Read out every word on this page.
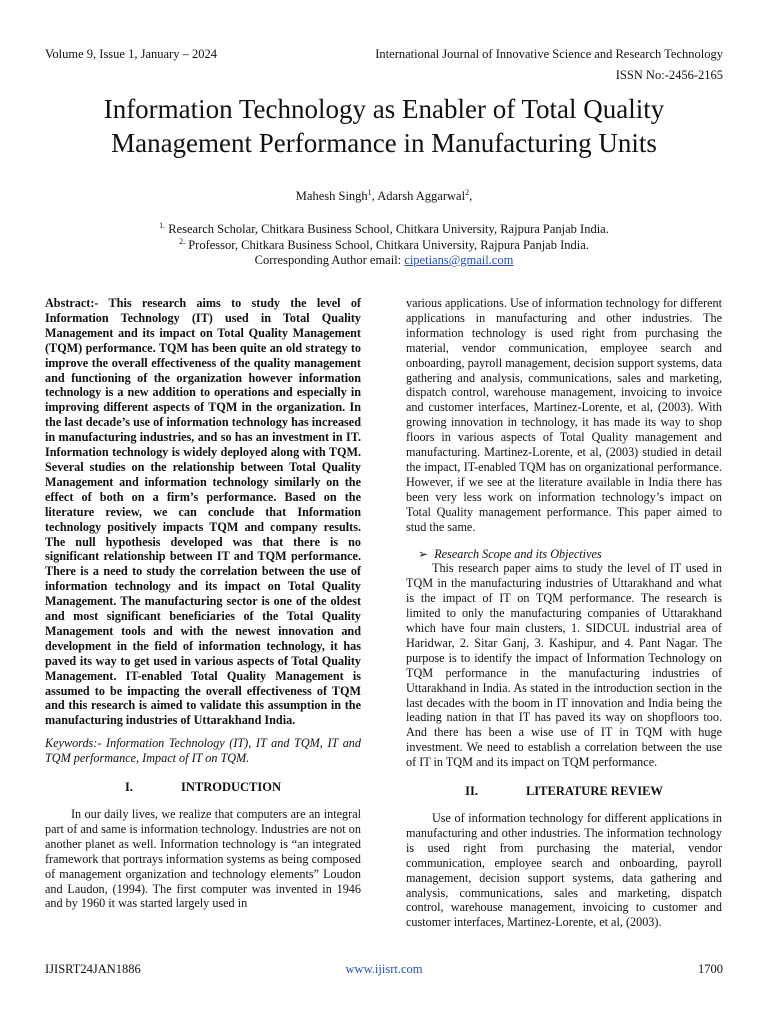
Volume 9, Issue 1, January – 2024	International Journal of Innovative Science and Research Technology
ISSN No:-2456-2165
Information Technology as Enabler of Total Quality
Management Performance in Manufacturing Units
Mahesh Singh$^1$, Adarsh Aggarwal$^2$,
$^{1.}$ Research Scholar, Chitkara Business School, Chitkara University, Rajpura Panjab India.
$^{2.}$ Professor, Chitkara Business School, Chitkara University, Rajpura Panjab India.
Corresponding Author email: cipetians@gmail.com

Abstract:- This research aims to study the level of Information Technology (IT) used in Total Quality Management and its impact on Total Quality Management (TQM) performance. TQM has been quite an old strategy to improve the overall effectiveness of the quality management and functioning of the organization however information technology is a new addition to operations and especially in improving different aspects of TQM in the organization. In the last decade’s use of information technology has increased in manufacturing industries, and so has an investment in IT. Information technology is widely deployed along with TQM. Several studies on the relationship between Total Quality Management and information technology similarly on the effect of both on a firm’s performance. Based on the literature review, we can conclude that Information technology positively impacts TQM and company results. The null hypothesis developed was that there is no significant relationship between IT and TQM performance. There is a need to study the correlation between the use of information technology and its impact on Total Quality Management. The manufacturing sector is one of the oldest and most significant beneficiaries of the Total Quality Management tools and with the newest innovation and development in the field of information technology, it has paved its way to get used in various aspects of Total Quality Management. IT-enabled Total Quality Management is assumed to be impacting the overall effectiveness of TQM and this research is aimed to validate this assumption in the manufacturing industries of Uttarakhand India.

Keywords:- Information Technology (IT), IT and TQM, IT and TQM performance, Impact of IT on TQM.

I.	INTRODUCTION

In our daily lives, we realize that computers are an integral part of and same is information technology. Industries are not on another planet as well. Information technology is “an integrated framework that portrays information systems as being composed of management organization and technology elements” Loudon and Laudon, (1994). The first computer was invented in 1946 and by 1960 it was started largely used in

various applications. Use of information technology for different applications in manufacturing and other industries. The information technology is used right from purchasing the material, vendor communication, employee search and onboarding, payroll management, decision support systems, data gathering and analysis, communications, sales and marketing, dispatch control, warehouse management, invoicing to invoice and customer interfaces, Martinez-Lorente, et al, (2003). With growing innovation in technology, it has made its way to shop floors in various aspects of Total Quality management and manufacturing. Martinez-Lorente, et al, (2003) studied in detail the impact, IT-enabled TQM has on organizational performance. However, if we see at the literature available in India there has been very less work on information technology’s impact on Total Quality management performance. This paper aimed to stud the same.

➢ Research Scope and its Objectives

This research paper aims to study the level of IT used in TQM in the manufacturing industries of Uttarakhand and what is the impact of IT on TQM performance. The research is limited to only the manufacturing companies of Uttarakhand which have four main clusters, 1. SIDCUL industrial area of Haridwar, 2. Sitar Ganj, 3. Kashipur, and 4. Pant Nagar. The purpose is to identify the impact of Information Technology on TQM performance in the manufacturing industries of Uttarakhand in India. As stated in the introduction section in the last decades with the boom in IT innovation and India being the leading nation in that IT has paved its way on shopfloors too. And there has been a wise use of IT in TQM with huge investment. We need to establish a correlation between the use of IT in TQM and its impact on TQM performance.

II.	LITERATURE REVIEW

Use of information technology for different applications in manufacturing and other industries. The information technology is used right from purchasing the material, vendor communication, employee search and onboarding, payroll management, decision support systems, data gathering and analysis, communications, sales and marketing, dispatch control, warehouse management, invoicing to customer and customer interfaces, Martinez-Lorente, et al, (2003).

IJISRT24JAN1886	www.ijisrt.com	1700
